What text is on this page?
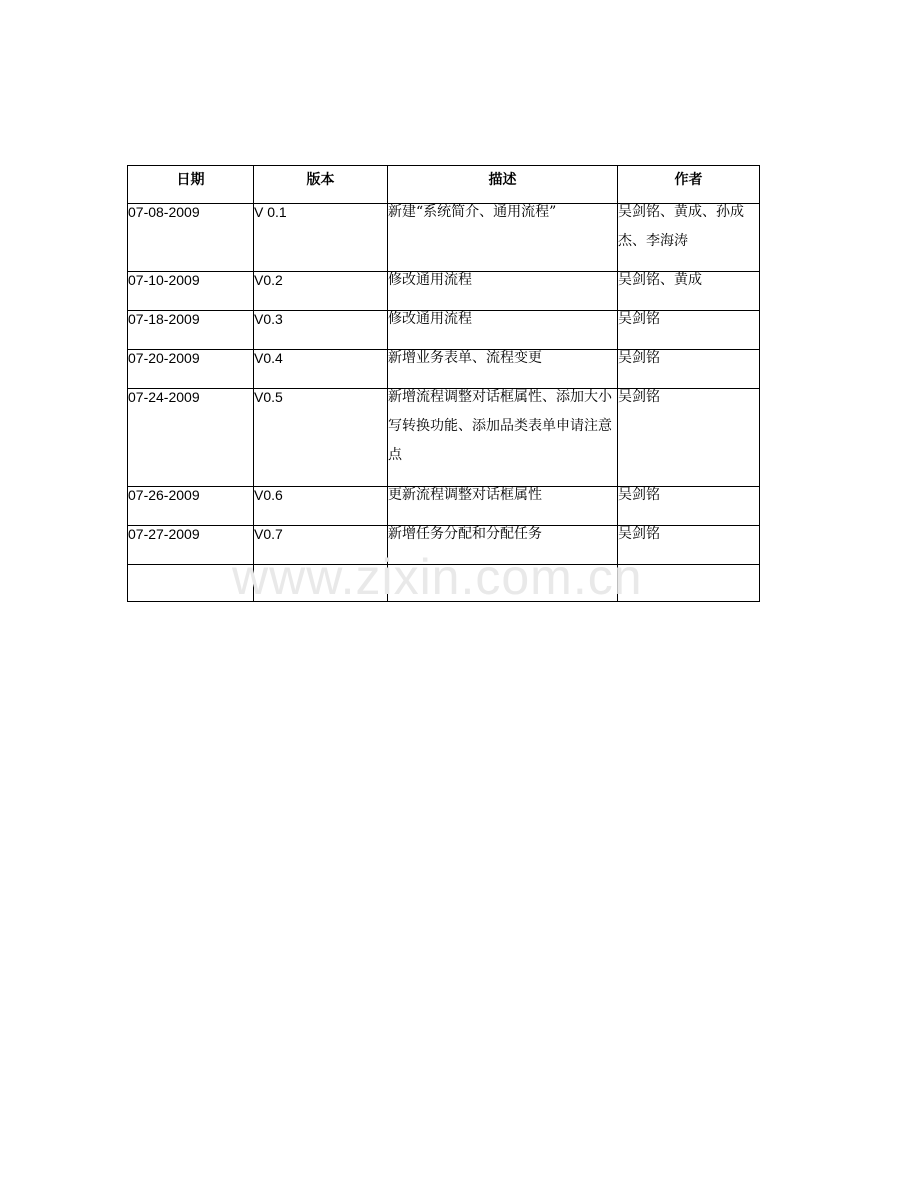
日期	版本	描述	作者
07-08-2009	V 0.1	新建“系统简介、通用流程”	吴剑铭、黄成、孙成杰、李海涛

07-10-2009	V0.2	修改通用流程	吴剑铭、黄成

07-18-2009	V0.3	修改通用流程	吴剑铭

07-20-2009	V0.4	新增业务表单、流程变更	吴剑铭

07-24-2009	V0.5	新增流程调整对话框属性、添加大小写转换功能、添加品类表单申请注意点	吴剑铭

07-26-2009	V0.6	更新流程调整对话框属性	吴剑铭

07-27-2009	V0.7	新增任务分配和分配任务	吴剑铭

www.zixin.com.cn
